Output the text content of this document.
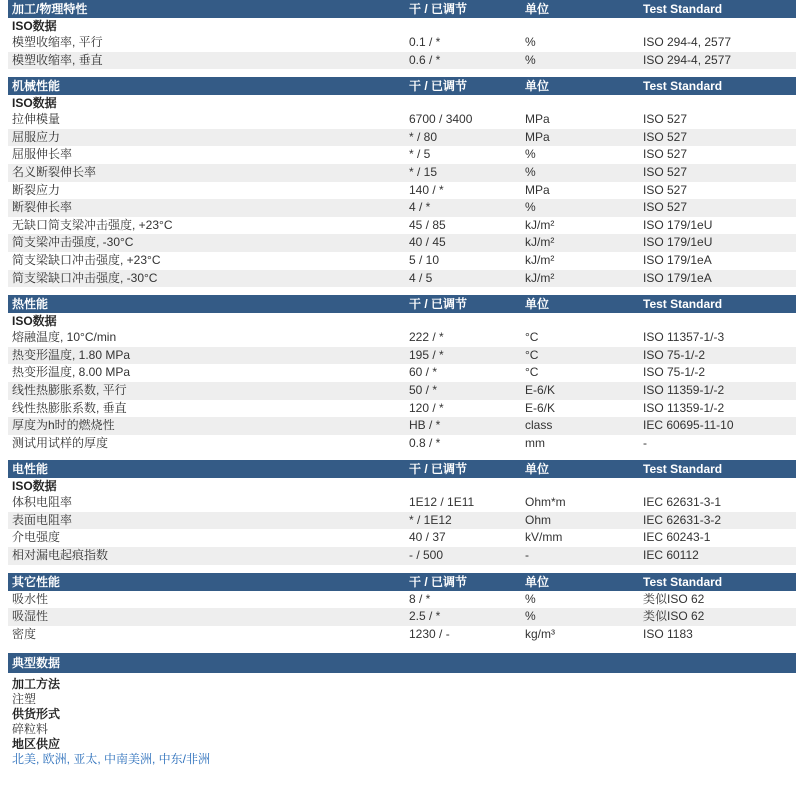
加工/物理特性	干 / 已调节	单位	Test Standard
ISO数据
模塑收缩率, 平行	0.1 / *	%	ISO 294-4, 2577
模塑收缩率, 垂直	0.6 / *	%	ISO 294-4, 2577
机械性能	干 / 已调节	单位	Test Standard
ISO数据
拉伸模量	6700 / 3400	MPa	ISO 527
屈服应力	* / 80	MPa	ISO 527
屈服伸长率	* / 5	%	ISO 527
名义断裂伸长率	* / 15	%	ISO 527
断裂应力	140 / *	MPa	ISO 527
断裂伸长率	4 / *	%	ISO 527
无缺口简支梁冲击强度, +23°C	45 / 85	kJ/m²	ISO 179/1eU
简支梁冲击强度, -30°C	40 / 45	kJ/m²	ISO 179/1eU
简支梁缺口冲击强度, +23°C	5 / 10	kJ/m²	ISO 179/1eA
简支梁缺口冲击强度, -30°C	4 / 5	kJ/m²	ISO 179/1eA
热性能	干 / 已调节	单位	Test Standard
ISO数据
熔融温度, 10°C/min	222 / *	°C	ISO 11357-1/-3
热变形温度, 1.80 MPa	195 / *	°C	ISO 75-1/-2
热变形温度, 8.00 MPa	60 / *	°C	ISO 75-1/-2
线性热膨胀系数, 平行	50 / *	E-6/K	ISO 11359-1/-2
线性热膨胀系数, 垂直	120 / *	E-6/K	ISO 11359-1/-2
厚度为h时的燃烧性	HB / *	class	IEC 60695-11-10
测试用试样的厚度	0.8 / *	mm	-
电性能	干 / 已调节	单位	Test Standard
ISO数据
体积电阻率	1E12 / 1E11	Ohm*m	IEC 62631-3-1
表面电阻率	* / 1E12	Ohm	IEC 62631-3-2
介电强度	40 / 37	kV/mm	IEC 60243-1
相对漏电起痕指数	- / 500	-	IEC 60112
其它性能	干 / 已调节	单位	Test Standard
吸水性	8 / *	%	类似ISO 62
吸湿性	2.5 / *	%	类似ISO 62
密度	1230 / -	kg/m³	ISO 1183
典型数据
加工方法
注塑
供货形式
碎粒料
地区供应
北美, 欧洲, 亚太, 中南美洲, 中东/非洲
